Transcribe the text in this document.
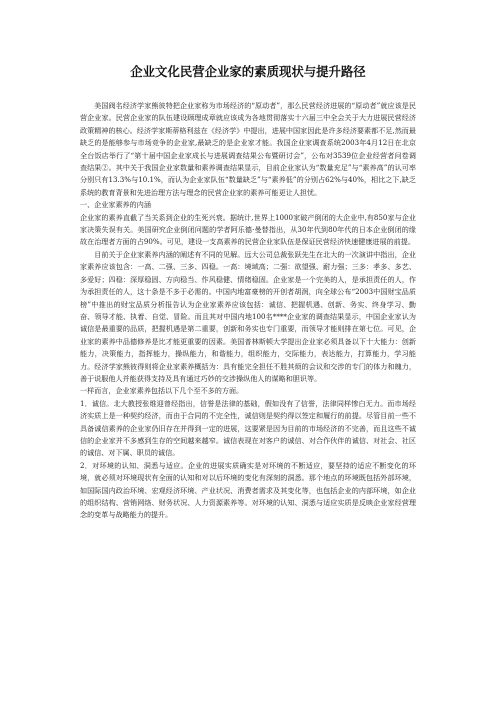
企业文化民营企业家的素质现状与提升路径

美国阀名经济学家熊彼特把企业家称为市场经济的“原动者”，那么民营经济进展的“原动者”就应该是民营企业家。民营企业家的队伍建设顾理成章就应该成为各地贯彻落实十六届三中全会关于大力进展民营经济政策精神的核心。经济学家斯蒂格利兹在《经济学》中提出，进展中国家因此是许多经济要素都不足,然而最缺乏的是能够参与市场竞争的企业家,最缺乏的是企业家才能。我国企业家调查系统2003年4月12日在北京全台饭店举行了“第十届中国企业家成长与进展调查结果公布暨研讨会”，公布对3539位企业经营者问卷调查结果②。其中关于我国企业家数量和素养调查结果显示，目前企业家认为“数量充足”与“素养高”的认可率分别只有13.3%与10.1%，而认为企业家队伍“数量缺乏”与“素养低”的分别占62%与40%，相比之下,缺乏系统的教育背景和先进治理方法与理念的民营企业家的素养可能更让人担忧。

一、企业家素养的内涵

企业家的素养直截了当关系到企业的生死兴衰。据统计,世界上1000家破产倒闭的大企业中,有850家与企业家决策失误有关。美国研究企业倒闭问题的学者阿乐德·曼替指出，从30年代到80年代的日本企业倒闭的缘故在治理者方面的占90%。可见，建设一支高素养的民营企业家队伍是保证民营经济快速健康进展的前提。

目前关于企业家素养内涵的阐述有不同的见解。远大公司总裁张跃先生在北大的一次演讲中指出，企业家素养应该包含：一高、二强、三多、四稳。一高：境域高；二强：欲望强、耐力强；三多：孝多、多艺、多爱好；四稳：深厚稳固、方向稳当、作风稳健、情绪稳固。企业家是一个完美的人，是承担责任的人，作为承担责任的人，这十条是不多于必需的。中国内地富豪榜的开创者胡润，向全球公布“2003中国财宝品质榜”中推出的财宝品质分析报告认为企业家素养应该包括：诚信、把握机遇、创新、务实、终身学习、勤奋、领导才能、执着、自觉、冒险。而且其对中国内地100名****企业家的调查结果显示，中国企业家认为诚信是最重要的品质，把握机遇是第二重要，创新和务实也专门重要，而领导才能则排在第七位。可见，企业家的素养中品德修养是比才能更重要的因素。美国普林斯顿大学提出企业家必须具备以下十大能力：创新能力，决策能力，指挥能力，操纵能力，和谐能力，组织能力，交际能力，表达能力，打算能力，学习能力。经济学家熊彼得则将企业家素养概括为：具有能完全担任不胜其烦的会议和交涉的专门的体力和魄力，善于说服他人并能获得支持及具有通过巧妙的交涉操纵他人的谋略和胆识等。

一样而言，企业家素养包括以下几个至不多的方面。

1．诚信。北大教授张维迎曾经指出，信誉是法律的基础，假如没有了信誉，法律同样惨白无力。而市场经济实质上是一种契约经济，而由于合同的不完全性，诚信则是契约得以签定和履行的前提。尽管目前一些不具备诚信素养的企业家仍旧存在并得到一定的进展，这要紧是因为目前的市场经济的不完善，而且这些不诚信的企业家并不多感到生存的空间越来越窄。诚信表现在对客户的诚信、对合作伙伴的诚信、对社会、社区的诚信、对下属、职员的诚信。

2．对环境的认知、洞悉与适应。企业的进展实质确实是对环境的不断适应，要坚持的适应不断变化的环境，就必须对环境现状有全面的认知和对以后环境的变化有深刻的洞悉。那个地点的环境既包括外部环境，如国际国内政治环境、宏观经济环境、产业状况、消费者需求及其变化等，也包括企业的内部环境，如企业的组织结构、营销网络、财务状况、人力资源素养等。对环境的认知、洞悉与适应实质是反映企业家经营理念的变革与战略能力的提升。
